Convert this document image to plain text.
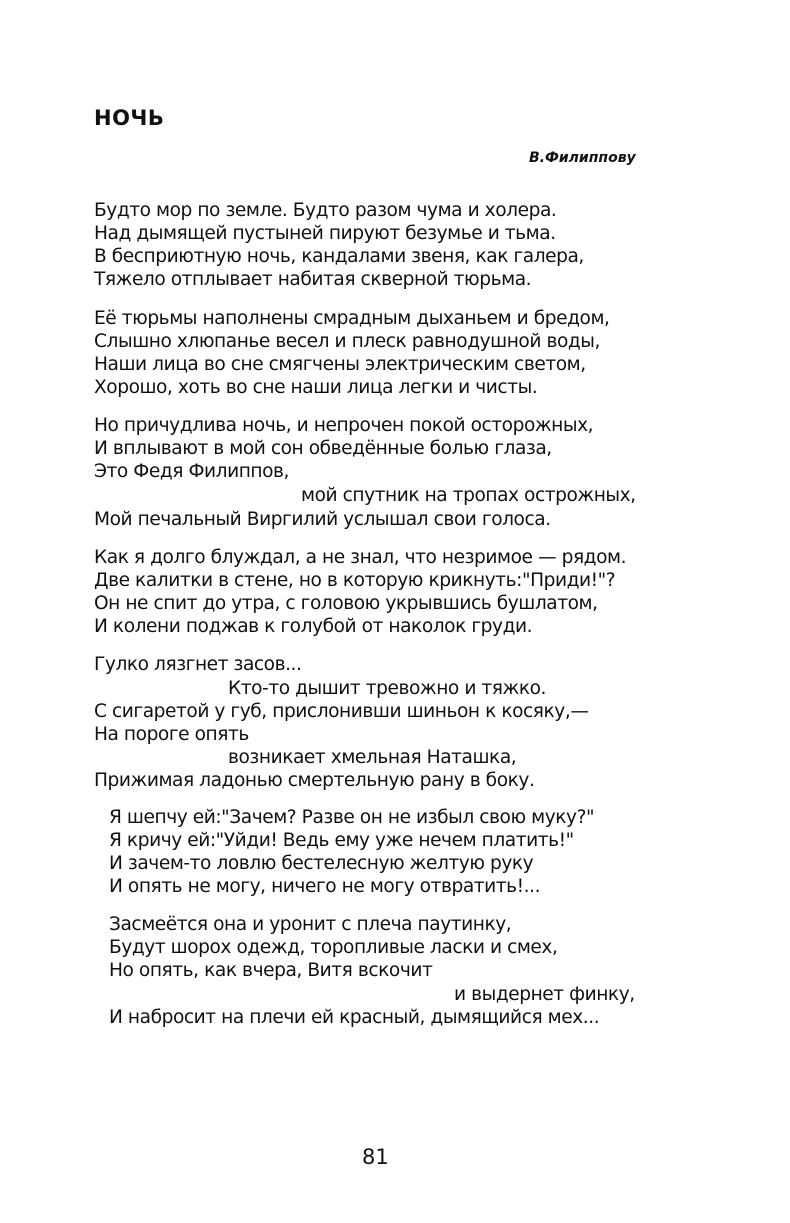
НОЧЬ
В.Филиппову
Будто мор по земле. Будто разом чума и холера.
Над дымящей пустыней пируют безумье и тьма.
В бесприютную ночь, кандалами звеня, как галера,
Тяжело отплывает набитая скверной тюрьма.
Её тюрьмы наполнены смрадным дыханьем и бредом,
Слышно хлюпанье весел и плеск равнодушной воды,
Наши лица во сне смягчены электрическим светом,
Хорошо, хоть во сне наши лица легки и чисты.
Но причудлива ночь, и непрочен покой осторожных,
И вплывают в мой сон обведённые болью глаза,
Это Федя Филиппов,
мой спутник на тропах острожных,
Мой печальный Виргилий услышал свои голоса.
Как я долго блуждал, а не знал, что незримое — рядом.
Две калитки в стене, но в которую крикнуть:"Приди!"?
Он не спит до утра, с головою укрывшись бушлатом,
И колени поджав к голубой от наколок груди.
Гулко лязгнет засов...
Кто-то дышит тревожно и тяжко.
С сигаретой у губ, прислонивши шиньон к косяку,—
На пороге опять
возникает хмельная Наташка,
Прижимая ладонью смертельную рану в боку.
Я шепчу ей:"Зачем? Разве он не избыл свою муку?"
Я кричу ей:"Уйди! Ведь ему уже нечем платить!"
И зачем-то ловлю бестелесную желтую руку
И опять не могу, ничего не могу отвратить!...
Засмеётся она и уронит с плеча паутинку,
Будут шорох одежд, торопливые ласки и смех,
Но опять, как вчера, Витя вскочит
и выдернет финку,
И набросит на плечи ей красный, дымящийся мех...
81
